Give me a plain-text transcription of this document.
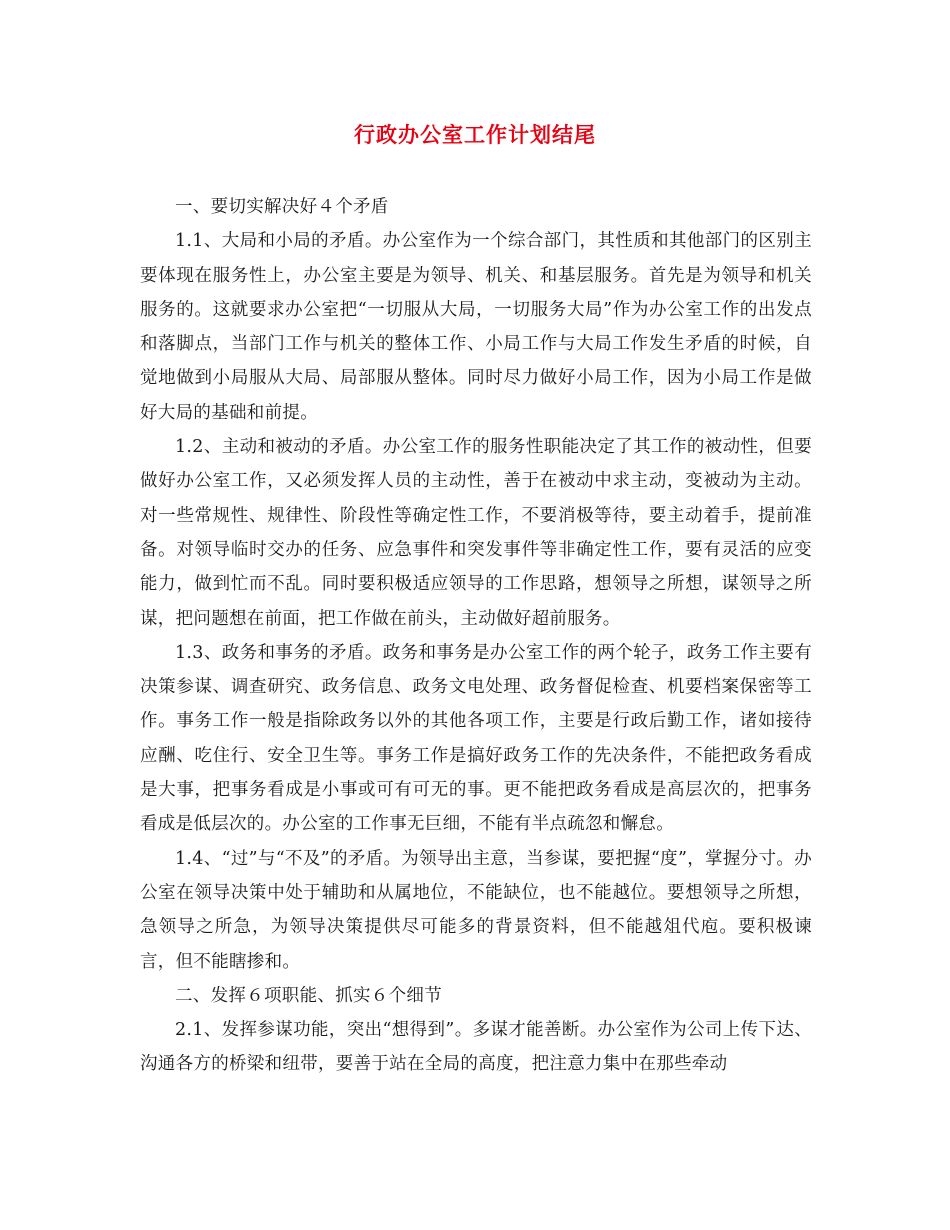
行政办公室工作计划结尾

一、要切实解决好４个矛盾

1.1、大局和小局的矛盾。办公室作为一个综合部门，其性质和其他部门的区别主要体现在服务性上，办公室主要是为领导、机关、和基层服务。首先是为领导和机关服务的。这就要求办公室把“一切服从大局，一切服务大局”作为办公室工作的出发点和落脚点，当部门工作与机关的整体工作、小局工作与大局工作发生矛盾的时候，自觉地做到小局服从大局、局部服从整体。同时尽力做好小局工作，因为小局工作是做好大局的基础和前提。

1.2、主动和被动的矛盾。办公室工作的服务性职能决定了其工作的被动性，但要做好办公室工作，又必须发挥人员的主动性，善于在被动中求主动，变被动为主动。对一些常规性、规律性、阶段性等确定性工作，不要消极等待，要主动着手，提前准备。对领导临时交办的任务、应急事件和突发事件等非确定性工作，要有灵活的应变能力，做到忙而不乱。同时要积极适应领导的工作思路，想领导之所想，谋领导之所谋，把问题想在前面，把工作做在前头，主动做好超前服务。

1.3、政务和事务的矛盾。政务和事务是办公室工作的两个轮子，政务工作主要有决策参谋、调查研究、政务信息、政务文电处理、政务督促检查、机要档案保密等工作。事务工作一般是指除政务以外的其他各项工作，主要是行政后勤工作，诸如接待应酬、吃住行、安全卫生等。事务工作是搞好政务工作的先决条件，不能把政务看成是大事，把事务看成是小事或可有可无的事。更不能把政务看成是高层次的，把事务看成是低层次的。办公室的工作事无巨细，不能有半点疏忽和懈怠。

1.4、“过”与“不及”的矛盾。为领导出主意，当参谋，要把握“度”，掌握分寸。办公室在领导决策中处于辅助和从属地位，不能缺位，也不能越位。要想领导之所想，急领导之所急，为领导决策提供尽可能多的背景资料，但不能越俎代庖。要积极谏言，但不能瞎掺和。

二、发挥６项职能、抓实６个细节

2.1、发挥参谋功能，突出“想得到”。多谋才能善断。办公室作为公司上传下达、沟通各方的桥梁和纽带，要善于站在全局的高度，把注意力集中在那些牵动
